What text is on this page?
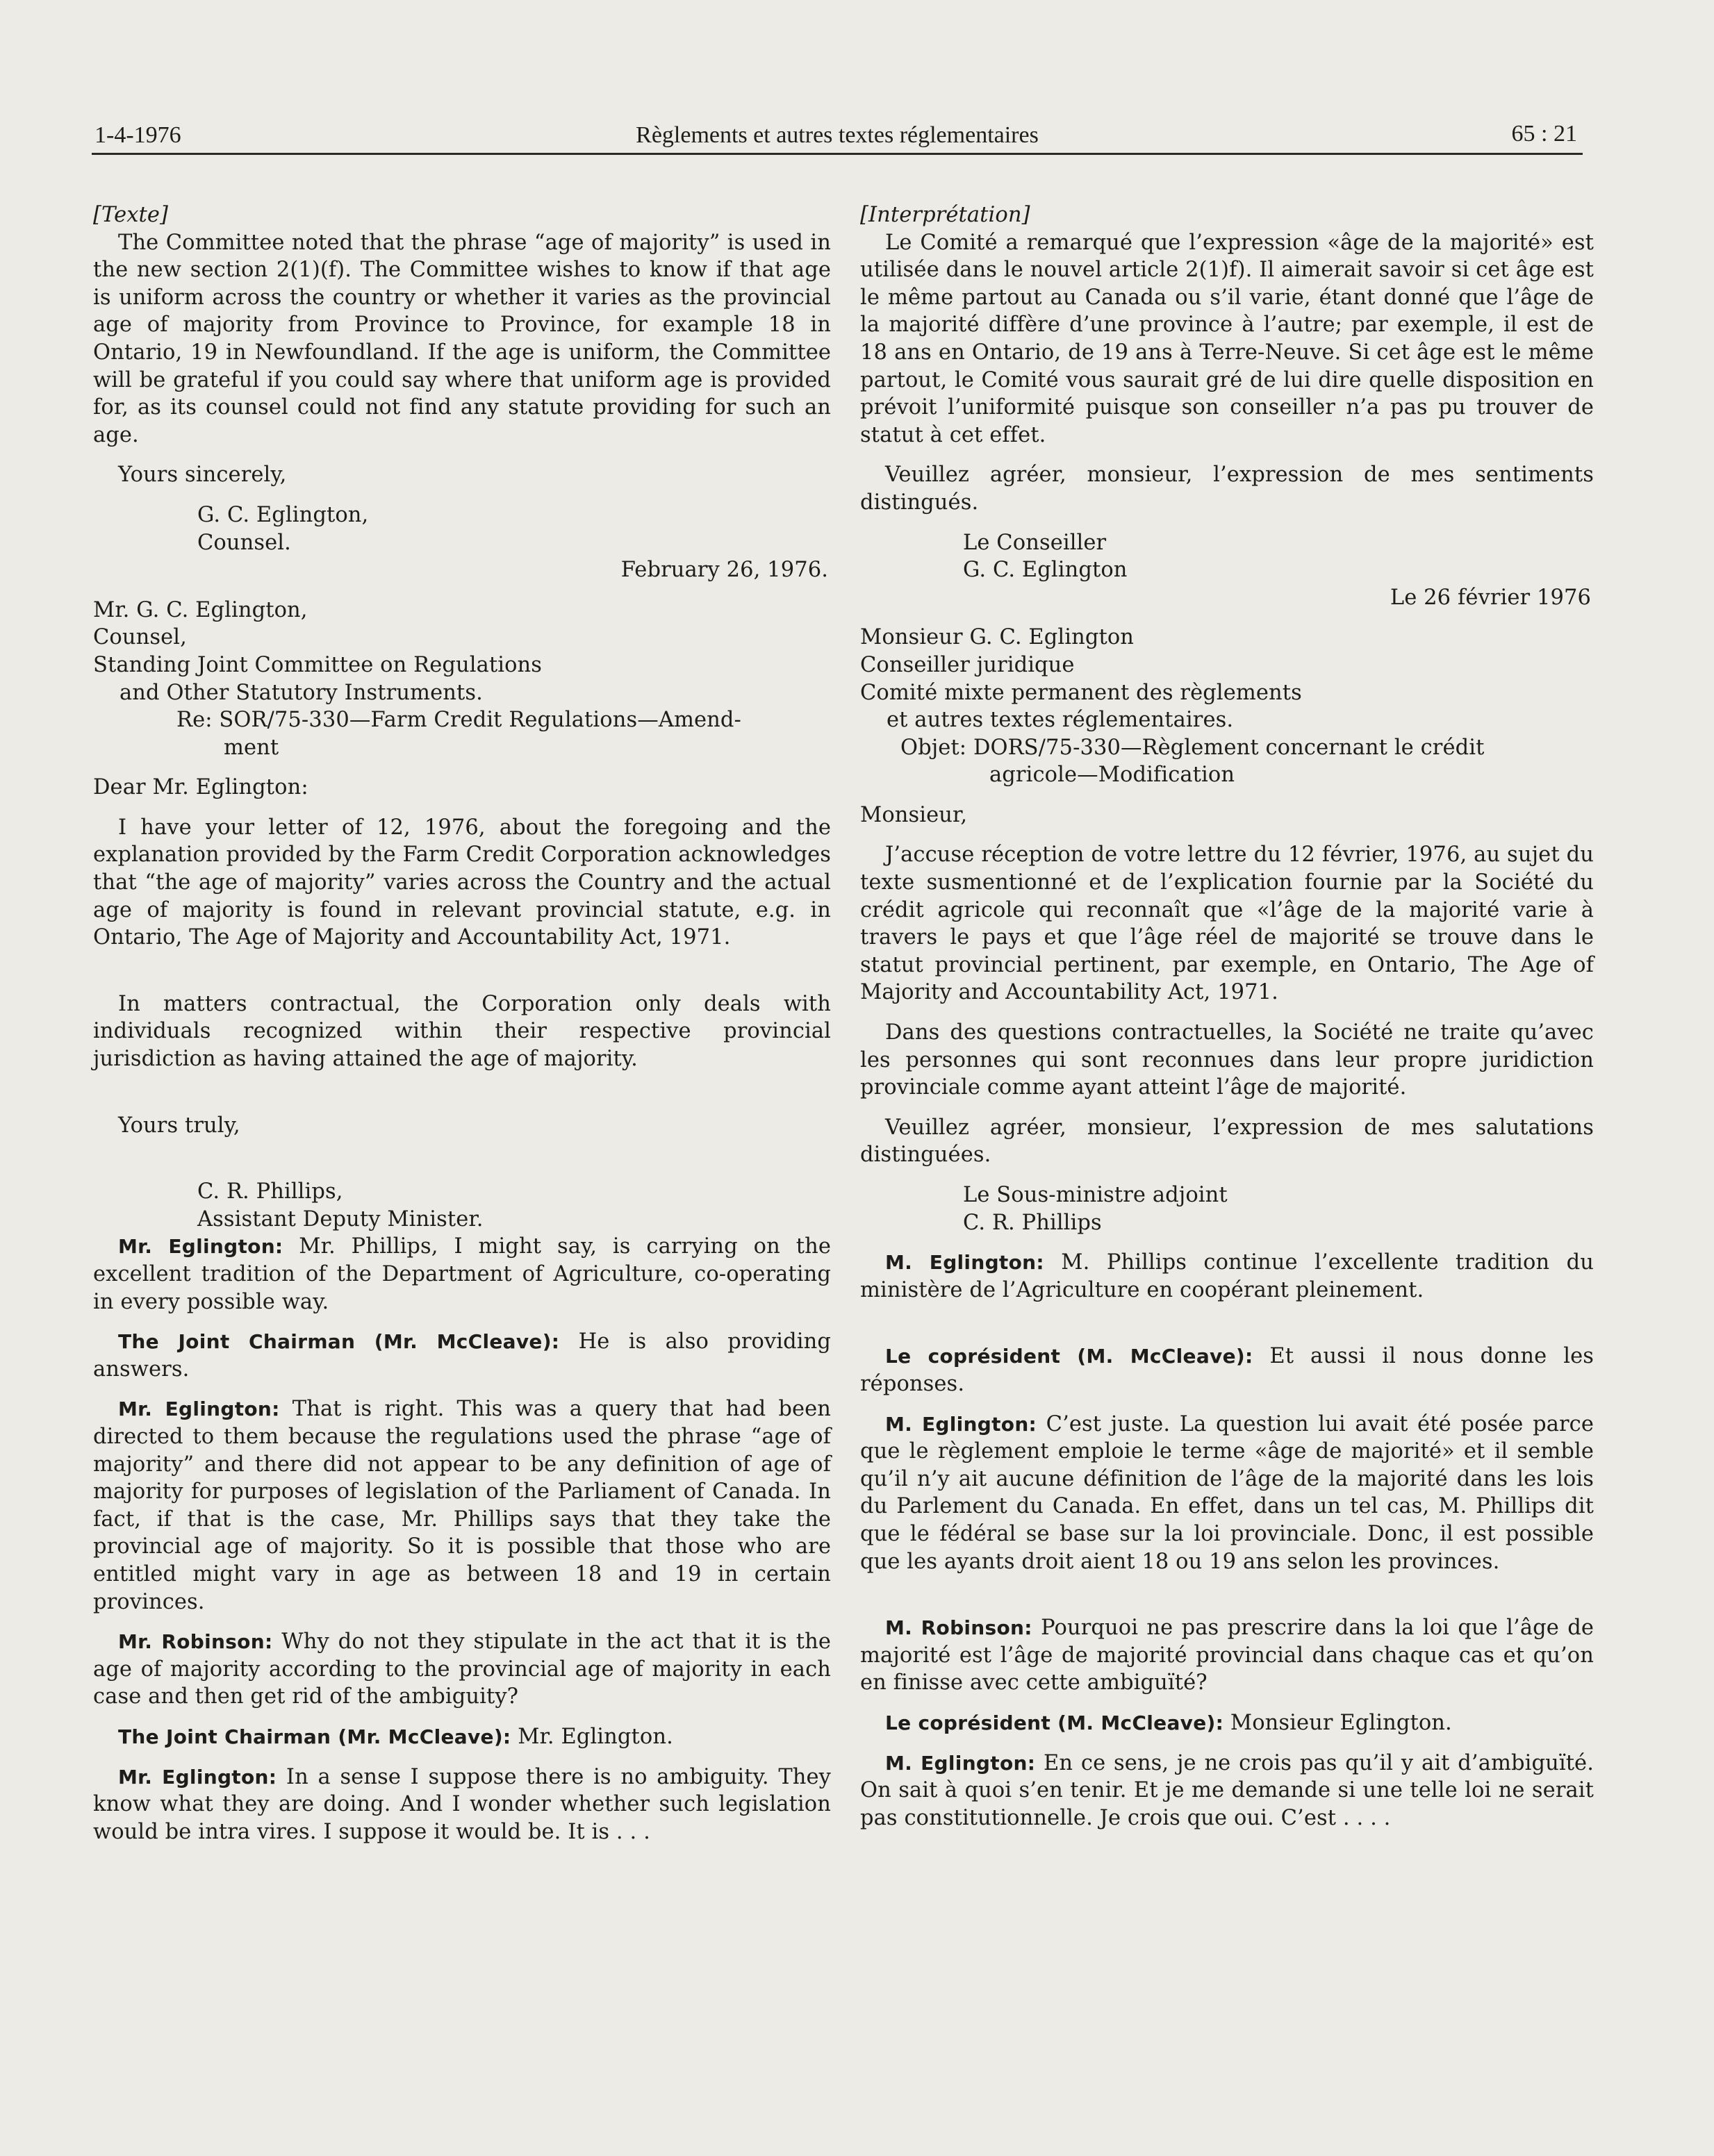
1-4-1976	Règlements et autres textes réglementaires	65 : 21

[Texte]

The Committee noted that the phrase “age of majority” is used in the new section 2(1)(f). The Committee wishes to know if that age is uniform across the country or whether it varies as the provincial age of majority from Province to Province, for example 18 in Ontario, 19 in Newfoundland. If the age is uniform, the Committee will be grateful if you could say where that uniform age is provided for, as its counsel could not find any statute providing for such an age.

Yours sincerely,

G. C. Eglington,

Counsel.

February 26, 1976.

Mr. G. C. Eglington,

Counsel,

Standing Joint Committee on Regulations

and Other Statutory Instruments.

Re: SOR/75-330—Farm Credit Regulations—Amend-

ment

Dear Mr. Eglington:

I have your letter of 12, 1976, about the foregoing and the explanation provided by the Farm Credit Corporation acknowledges that “the age of majority” varies across the Country and the actual age of majority is found in relevant provincial statute, e.g. in Ontario, The Age of Majority and Accountability Act, 1971.

In matters contractual, the Corporation only deals with individuals recognized within their respective provincial jurisdiction as having attained the age of majority.

Yours truly,

C. R. Phillips,

Assistant Deputy Minister.

Mr. Eglington: Mr. Phillips, I might say, is carrying on the excellent tradition of the Department of Agriculture, co-operating in every possible way.

The Joint Chairman (Mr. McCleave): He is also providing answers.

Mr. Eglington: That is right. This was a query that had been directed to them because the regulations used the phrase “age of majority” and there did not appear to be any definition of age of majority for purposes of legislation of the Parliament of Canada. In fact, if that is the case, Mr. Phillips says that they take the provincial age of majority. So it is possible that those who are entitled might vary in age as between 18 and 19 in certain provinces.

Mr. Robinson: Why do not they stipulate in the act that it is the age of majority according to the provincial age of majority in each case and then get rid of the ambiguity?

The Joint Chairman (Mr. McCleave): Mr. Eglington.

Mr. Eglington: In a sense I suppose there is no ambiguity. They know what they are doing. And I wonder whether such legislation would be intra vires. I suppose it would be. It is . . .

[Interprétation]

Le Comité a remarqué que l’expression «âge de la majorité» est utilisée dans le nouvel article 2(1)f). Il aimerait savoir si cet âge est le même partout au Canada ou s’il varie, étant donné que l’âge de la majorité diffère d’une province à l’autre; par exemple, il est de 18 ans en Ontario, de 19 ans à Terre-Neuve. Si cet âge est le même partout, le Comité vous saurait gré de lui dire quelle disposition en prévoit l’uniformité puisque son conseiller n’a pas pu trouver de statut à cet effet.

Veuillez agréer, monsieur, l’expression de mes sentiments distingués.

Le Conseiller

G. C. Eglington

Le 26 février 1976

Monsieur G. C. Eglington

Conseiller juridique

Comité mixte permanent des règlements

et autres textes réglementaires.

Objet: DORS/75-330—Règlement concernant le crédit

agricole—Modification

Monsieur,

J’accuse réception de votre lettre du 12 février, 1976, au sujet du texte susmentionné et de l’explication fournie par la Société du crédit agricole qui reconnaît que «l’âge de la majorité varie à travers le pays et que l’âge réel de majorité se trouve dans le statut provincial pertinent, par exemple, en Ontario, The Age of Majority and Accountability Act, 1971.

Dans des questions contractuelles, la Société ne traite qu’avec les personnes qui sont reconnues dans leur propre juridiction provinciale comme ayant atteint l’âge de majorité.

Veuillez agréer, monsieur, l’expression de mes salutations distinguées.

Le Sous-ministre adjoint

C. R. Phillips

M. Eglington: M. Phillips continue l’excellente tradition du ministère de l’Agriculture en coopérant pleinement.

Le coprésident (M. McCleave): Et aussi il nous donne les réponses.

M. Eglington: C’est juste. La question lui avait été posée parce que le règlement emploie le terme «âge de majorité» et il semble qu’il n’y ait aucune définition de l’âge de la majorité dans les lois du Parlement du Canada. En effet, dans un tel cas, M. Phillips dit que le fédéral se base sur la loi provinciale. Donc, il est possible que les ayants droit aient 18 ou 19 ans selon les provinces.

M. Robinson: Pourquoi ne pas prescrire dans la loi que l’âge de majorité est l’âge de majorité provincial dans chaque cas et qu’on en finisse avec cette ambiguïté?

Le coprésident (M. McCleave): Monsieur Eglington.

M. Eglington: En ce sens, je ne crois pas qu’il y ait d’ambiguïté. On sait à quoi s’en tenir. Et je me demande si une telle loi ne serait pas constitutionnelle. Je crois que oui. C’est . . . .
